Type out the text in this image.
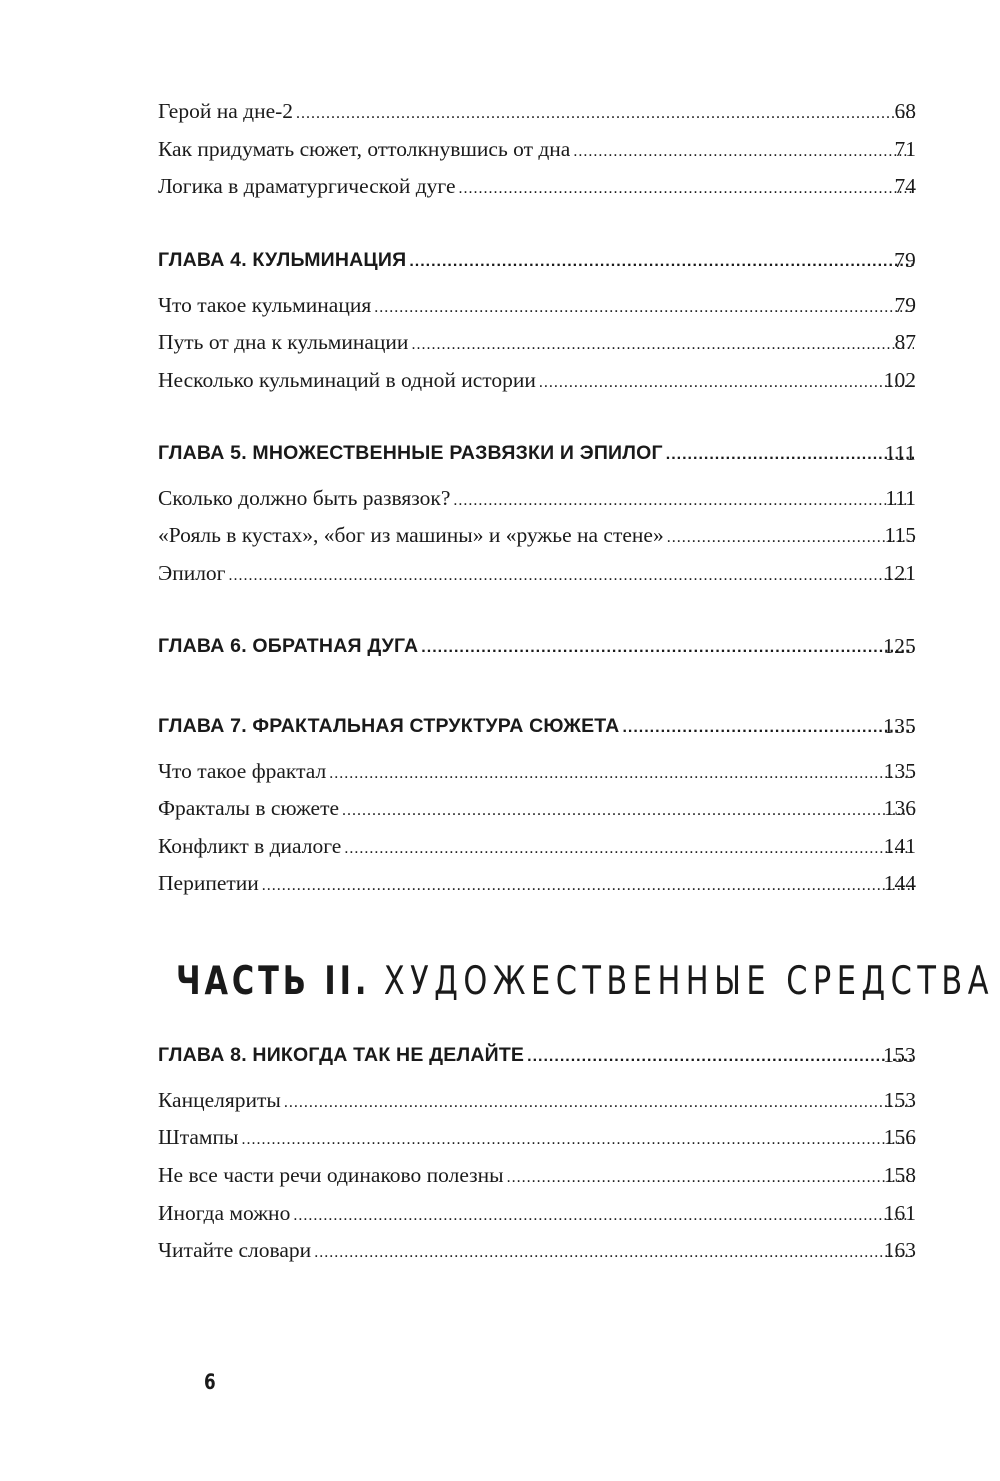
Герой на дне-2 .....	68
Как придумать сюжет, оттолкнувшись от дна .....	71
Логика в драматургической дуге .....	74
ГЛАВА 4. КУЛЬМИНАЦИЯ .....	79
Что такое кульминация .....	79
Путь от дна к кульминации .....	87
Несколько кульминаций в одной истории .....	102
ГЛАВА 5. МНОЖЕСТВЕННЫЕ РАЗВЯЗКИ И ЭПИЛОГ .....	111
Сколько должно быть развязок? .....	111
«Рояль в кустах», «бог из машины» и «ружье на стене» .....	115
Эпилог .....	121
ГЛАВА 6. ОБРАТНАЯ ДУГА .....	125
ГЛАВА 7. ФРАКТАЛЬНАЯ СТРУКТУРА СЮЖЕТА .....	135
Что такое фрактал .....	135
Фракталы в сюжете .....	136
Конфликт в диалоге .....	141
Перипетии .....	144
ЧАСТЬ II. ХУДОЖЕСТВЕННЫЕ СРЕДСТВА
ГЛАВА 8. НИКОГДА ТАК НЕ ДЕЛАЙТЕ .....	153
Канцеляриты .....	153
Штампы .....	156
Не все части речи одинаково полезны .....	158
Иногда можно .....	161
Читайте словари .....	163
6
